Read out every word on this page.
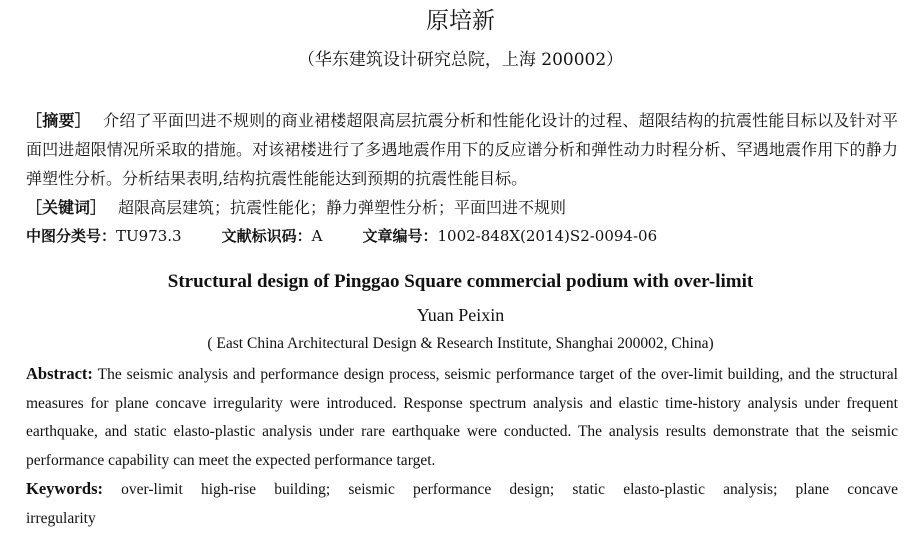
原培新
（华东建筑设计研究总院，上海 200002）
［摘要］ 介绍了平面凹进不规则的商业裙楼超限高层抗震分析和性能化设计的过程、超限结构的抗震性能目标以及针对平面凹进超限情况所采取的措施。对该裙楼进行了多遇地震作用下的反应谱分析和弹性动力时程分析、罕遇地震作用下的静力弹塑性分析。分析结果表明,结构抗震性能能达到预期的抗震性能目标。
［关键词］ 超限高层建筑；抗震性能化；静力弹塑性分析；平面凹进不规则
中图分类号：TU973.3	文献标识码：A	文章编号：1002-848X(2014)S2-0094-06
Structural design of Pinggao Square commercial podium with over-limit
Yuan Peixin
( East China Architectural Design & Research Institute, Shanghai 200002, China)
Abstract: The seismic analysis and performance design process, seismic performance target of the over-limit building, and the structural measures for plane concave irregularity were introduced. Response spectrum analysis and elastic time-history analysis under frequent earthquake, and static elasto-plastic analysis under rare earthquake were conducted. The analysis results demonstrate that the seismic performance capability can meet the expected performance target.
Keywords: over-limit high-rise building; seismic performance design; static elasto-plastic analysis; plane concave irregularity
